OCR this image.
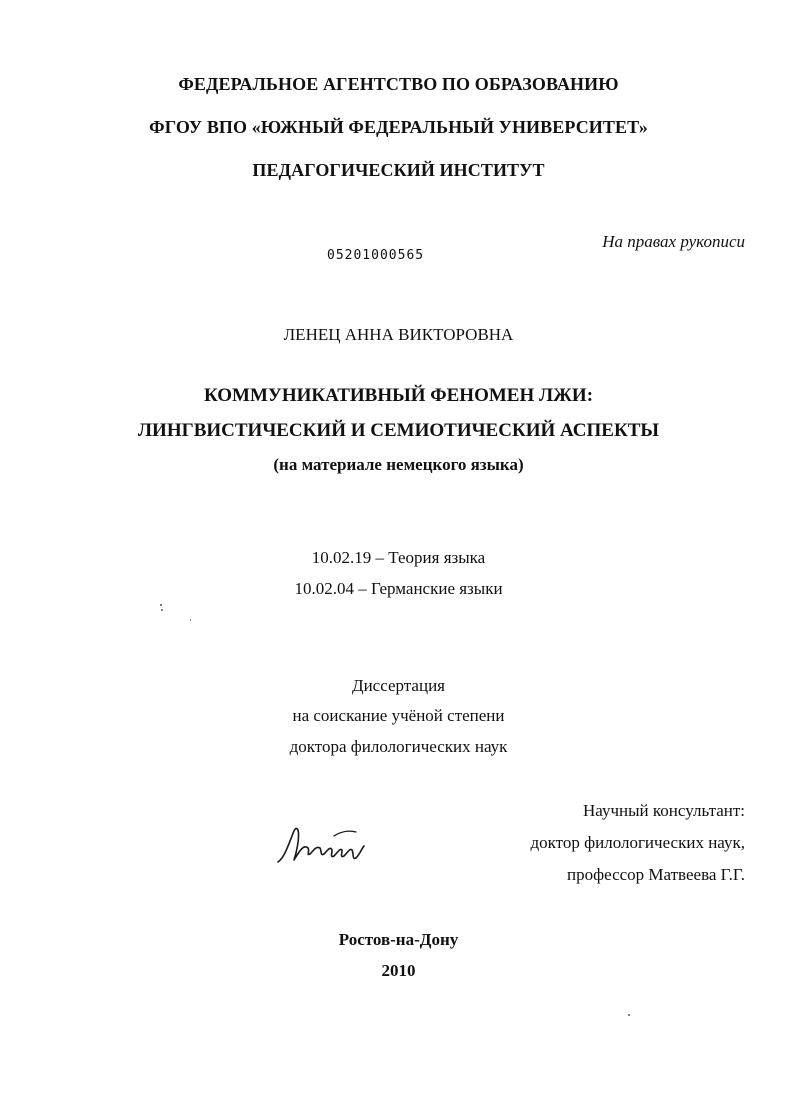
ФЕДЕРАЛЬНОЕ АГЕНТСТВО ПО ОБРАЗОВАНИЮ
ФГОУ ВПО «ЮЖНЫЙ ФЕДЕРАЛЬНЫЙ УНИВЕРСИТЕТ»
ПЕДАГОГИЧЕСКИЙ ИНСТИТУТ
На правах рукописи
05201000565
ЛЕНЕЦ АННА ВИКТОРОВНА
КОММУНИКАТИВНЫЙ ФЕНОМЕН ЛЖИ:
ЛИНГВИСТИЧЕСКИЙ И СЕМИОТИЧЕСКИЙ АСПЕКТЫ
(на материале немецкого языка)
10.02.19 – Теория языка
10.02.04 – Германские языки
Диссертация
на соискание учёной степени
доктора филологических наук
Научный консультант:
доктор филологических наук,
профессор Матвеева Г.Г.
Ростов-на-Дону
2010
